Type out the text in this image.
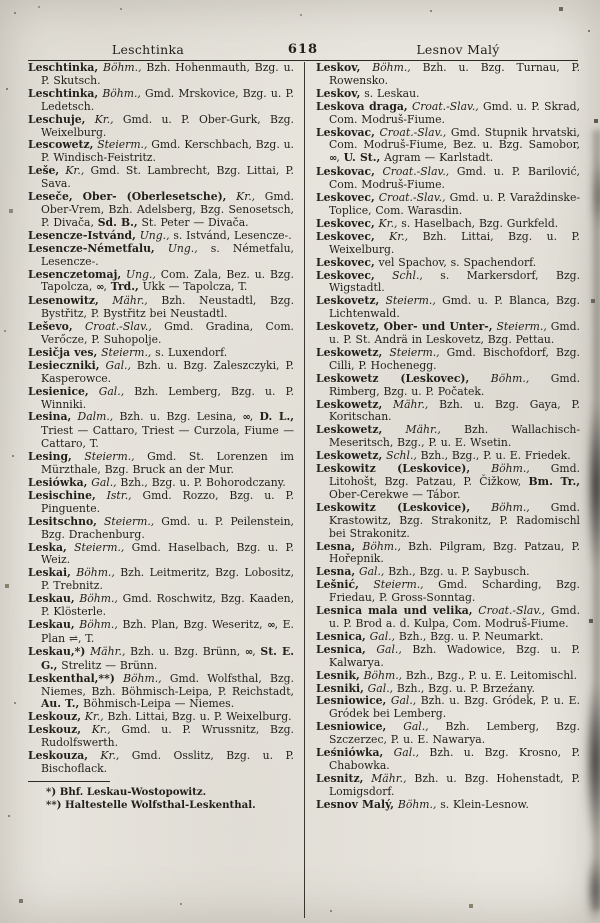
Leschtinka	618	Lesnov Malý

Leschtinka, Böhm., Bzh. Hohenmauth, Bzg. u. P. Skutsch.

Leschtinka, Böhm., Gmd. Mrskovice, Bzg. u. P. Ledetsch.

Leschuje, Kr., Gmd. u. P. Ober-Gurk, Bzg. Weixelburg.

Lescowetz, Steierm., Gmd. Kerschbach, Bzg. u. P. Windisch-Feistritz.

Leše, Kr., Gmd. St. Lambrecht, Bzg. Littai, P. Sava.

Leseče, Ober- (Oberlesetsche), Kr., Gmd. Ober-Vrem, Bzh. Adelsberg, Bzg. Senosetsch, P. Divača, Sd. B., St. Peter — Divača.

Lesencze-Istvánd, Ung., s. Istvánd, Lesencze-.

Lesencze-Németfalu, Ung., s. Németfalu, Lesencze-.

Lesenczetomaj, Ung., Com. Zala, Bez. u. Bzg. Tapolcza, ∞, Trd., Ukk — Tapolcza, T.

Lesenowitz, Mähr., Bzh. Neustadtl, Bzg. Bystřitz, P. Bystřitz bei Neustadtl.

Leševo, Croat.-Slav., Gmd. Gradina, Com. Verőcze, P. Suhopolje.

Lesičja ves, Steierm., s. Luxendorf.

Lesieczniki, Gal., Bzh. u. Bzg. Zaleszczyki, P. Kasperowce.

Lesienice, Gal., Bzh. Lemberg, Bzg. u. P. Winniki.

Lesina, Dalm., Bzh. u. Bzg. Lesina, ∞, D. L., Triest — Cattaro, Triest — Curzola, Fiume — Cattaro, T.

Lesing, Steierm., Gmd. St. Lorenzen im Mürzthale, Bzg. Bruck an der Mur.

Lesiówka, Gal., Bzh., Bzg. u. P. Bohorodczany.

Lesischine, Istr., Gmd. Rozzo, Bzg. u. P. Pinguente.

Lesitschno, Steierm., Gmd. u. P. Peilenstein, Bzg. Drachenburg.

Leska, Steierm., Gmd. Haselbach, Bzg. u. P. Weiz.

Leskai, Böhm., Bzh. Leitmeritz, Bzg. Lobositz, P. Trebnitz.

Leskau, Böhm., Gmd. Roschwitz, Bzg. Kaaden, P. Klösterle.

Leskau, Böhm., Bzh. Plan, Bzg. Weseritz, ∞, E. Plan ⇌, T.

Leskau,*) Mähr., Bzh. u. Bzg. Brünn, ∞, St. E. G., Strelitz — Brünn.

Leskenthal,**) Böhm., Gmd. Wolfsthal, Bzg. Niemes, Bzh. Böhmisch-Leipa, P. Reichstadt, Au. T., Böhmisch-Leipa — Niemes.

Leskouz, Kr., Bzh. Littai, Bzg. u. P. Weixelburg.

Leskouz, Kr., Gmd. u. P. Wrussnitz, Bzg. Rudolfswerth.

Leskouza, Kr., Gmd. Osslitz, Bzg. u. P. Bischoflack.

*) Bhf. Leskau-Wostopowitz.

**) Haltestelle Wolfsthal-Leskenthal.

Leskov, Böhm., Bzh. u. Bzg. Turnau, P. Rowensko.

Leskov, s. Leskau.

Leskova draga, Croat.-Slav., Gmd. u. P. Skrad, Com. Modruš-Fiume.

Leskovac, Croat.-Slav., Gmd. Stupnik hrvatski, Com. Modruš-Fiume, Bez. u. Bzg. Samobor, ∞, U. St., Agram — Karlstadt.

Leskovac, Croat.-Slav., Gmd. u. P. Barilović, Com. Modruš-Fiume.

Leskovec, Croat.-Slav., Gmd. u. P. Varaždinske-Toplice, Com. Warasdin.

Leskovec, Kr., s. Haselbach, Bzg. Gurkfeld.

Leskovec, Kr., Bzh. Littai, Bzg. u. P. Weixelburg.

Leskovec, vel Spachov, s. Spachendorf.

Leskovec, Schl., s. Markersdorf, Bzg. Wigstadtl.

Leskovetz, Steierm., Gmd. u. P. Blanca, Bzg. Lichtenwald.

Leskovetz, Ober- und Unter-, Steierm., Gmd. u. P. St. Andrä in Leskovetz, Bzg. Pettau.

Leskowetz, Steierm., Gmd. Bischofdorf, Bzg. Cilli, P. Hochenegg.

Leskowetz (Leskovec), Böhm., Gmd. Rimberg, Bzg. u. P. Počatek.

Leskowetz, Mähr., Bzh. u. Bzg. Gaya, P. Koritschan.

Leskowetz, Mähr., Bzh. Wallachisch-Meseritsch, Bzg., P. u. E. Wsetin.

Leskowetz, Schl., Bzh., Bzg., P. u. E. Friedek.

Leskowitz (Leskovice), Böhm., Gmd. Litohošt, Bzg. Patzau, P. Čižkow, Bm. Tr., Ober-Cerekwe — Tábor.

Leskowitz (Leskovice), Böhm., Gmd. Krastowitz, Bzg. Strakonitz, P. Radomischl bei Strakonitz.

Lesna, Böhm., Bzh. Pilgram, Bzg. Patzau, P. Hořepnik.

Lesna, Gal., Bzh., Bzg. u. P. Saybusch.

Lešnić, Steierm., Gmd. Scharding, Bzg. Friedau, P. Gross-Sonntag.

Lesnica mala und velika, Croat.-Slav., Gmd. u. P. Brod a. d. Kulpa, Com. Modruš-Fiume.

Lesnica, Gal., Bzh., Bzg. u. P. Neumarkt.

Lesnica, Gal., Bzh. Wadowice, Bzg. u. P. Kalwarya.

Lesnik, Böhm., Bzh., Bzg., P. u. E. Leitomischl.

Lesniki, Gal., Bzh., Bzg. u. P. Brzeźany.

Lesniowice, Gal., Bzh. u. Bzg. Gródek, P. u. E. Gródek bei Lemberg.

Lesniowice, Gal., Bzh. Lemberg, Bzg. Szczerzec, P. u. E. Nawarya.

Leśniówka, Gal., Bzh. u. Bzg. Krosno, P. Chabowka.

Lesnitz, Mähr., Bzh. u. Bzg. Hohenstadt, P. Lomigsdorf.

Lesnov Malý, Böhm., s. Klein-Lesnow.
